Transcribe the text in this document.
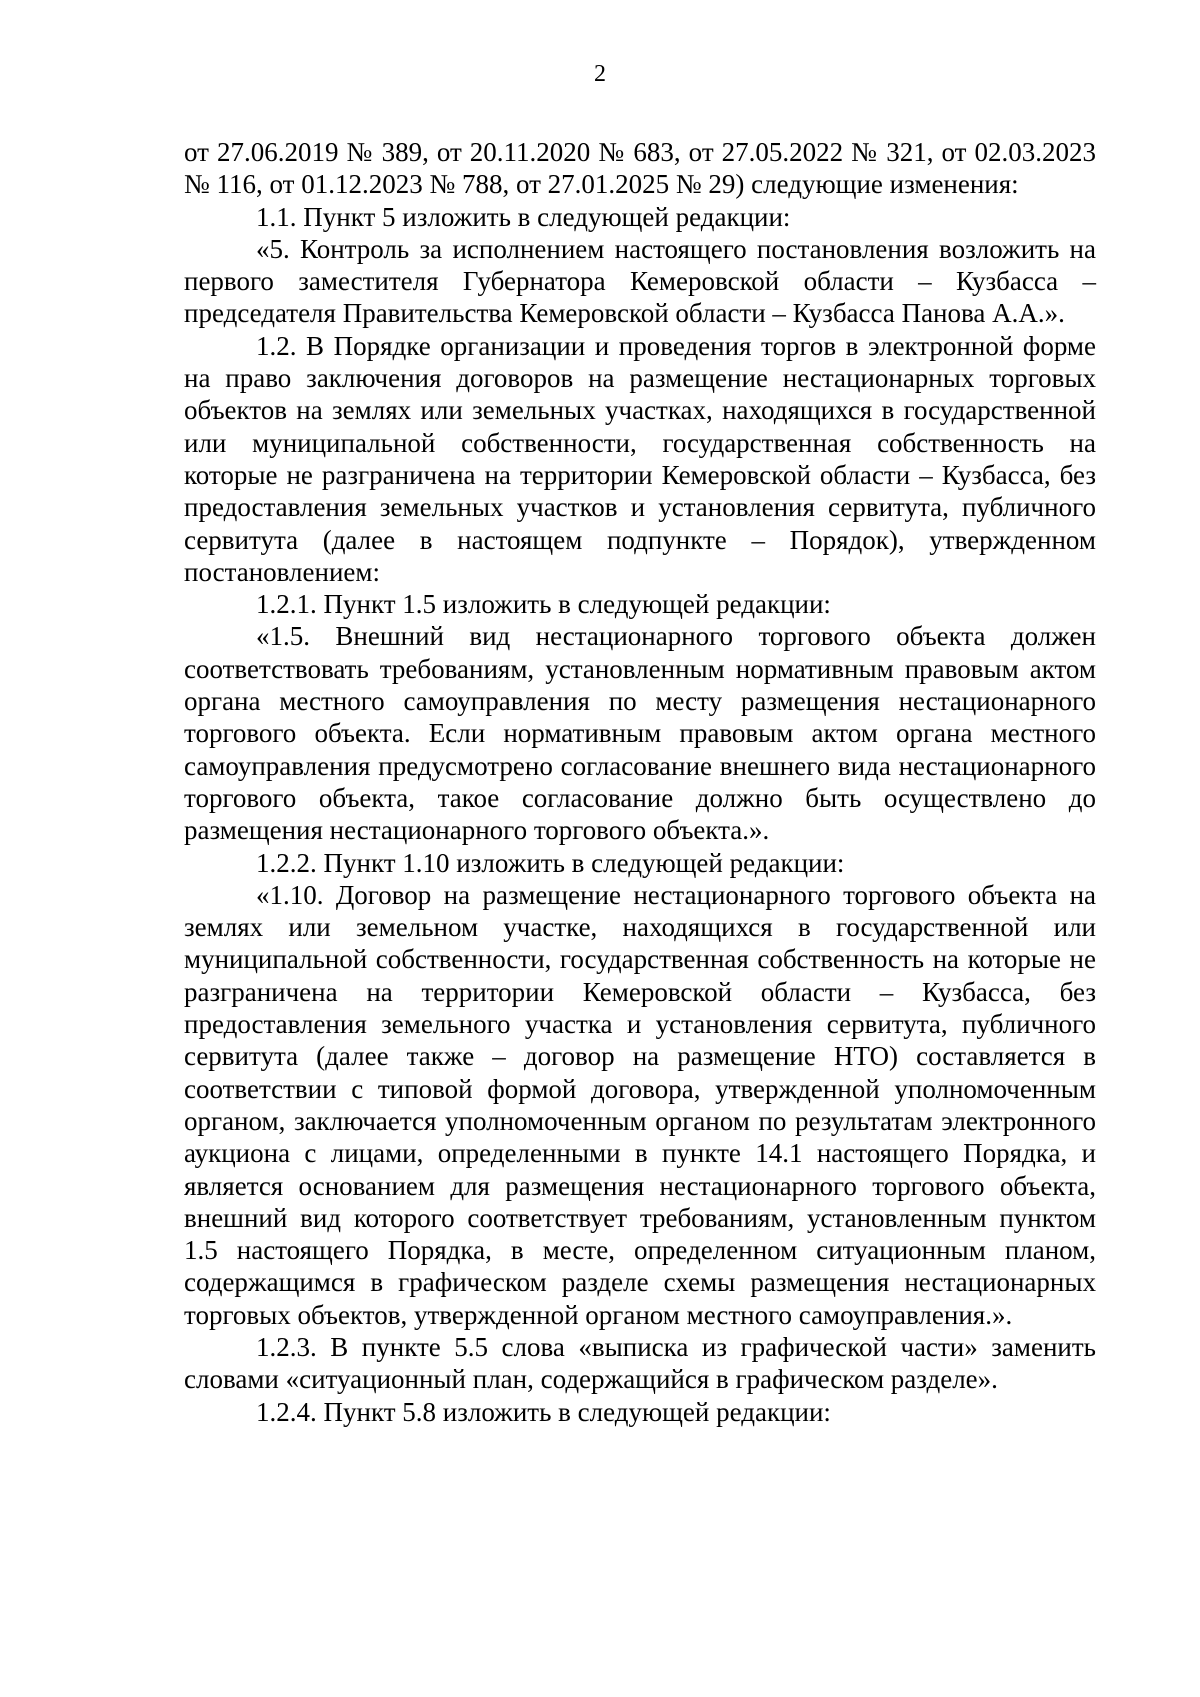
2

от 27.06.2019 № 389, от 20.11.2020 № 683, от 27.05.2022 № 321, от 02.03.2023 № 116, от 01.12.2023 № 788, от 27.01.2025 № 29) следующие изменения:

1.1. Пункт 5 изложить в следующей редакции:

«5. Контроль за исполнением настоящего постановления возложить на первого заместителя Губернатора Кемеровской области – Кузбасса – председателя Правительства Кемеровской области – Кузбасса Панова А.А.».

1.2. В Порядке организации и проведения торгов в электронной форме на право заключения договоров на размещение нестационарных торговых объектов на землях или земельных участках, находящихся в государственной или муниципальной собственности, государственная собственность на которые не разграничена на территории Кемеровской области – Кузбасса, без предоставления земельных участков и установления сервитута, публичного сервитута (далее в настоящем подпункте – Порядок), утвержденном постановлением:

1.2.1. Пункт 1.5 изложить в следующей редакции:

«1.5. Внешний вид нестационарного торгового объекта должен соответствовать требованиям, установленным нормативным правовым актом органа местного самоуправления по месту размещения нестационарного торгового объекта. Если нормативным правовым актом органа местного самоуправления предусмотрено согласование внешнего вида нестационарного торгового объекта, такое согласование должно быть осуществлено до размещения нестационарного торгового объекта.».

1.2.2. Пункт 1.10 изложить в следующей редакции:

«1.10. Договор на размещение нестационарного торгового объекта на землях или земельном участке, находящихся в государственной или муниципальной собственности, государственная собственность на которые не разграничена на территории Кемеровской области – Кузбасса, без предоставления земельного участка и установления сервитута, публичного сервитута (далее также – договор на размещение НТО) составляется в соответствии с типовой формой договора, утвержденной уполномоченным органом, заключается уполномоченным органом по результатам электронного аукциона с лицами, определенными в пункте 14.1 настоящего Порядка, и является основанием для размещения нестационарного торгового объекта, внешний вид которого соответствует требованиям, установленным пунктом 1.5 настоящего Порядка, в месте, определенном ситуационным планом, содержащимся в графическом разделе схемы размещения нестационарных торговых объектов, утвержденной органом местного самоуправления.».

1.2.3. В пункте 5.5 слова «выписка из графической части» заменить словами «ситуационный план, содержащийся в графическом разделе».

1.2.4. Пункт 5.8 изложить в следующей редакции:
